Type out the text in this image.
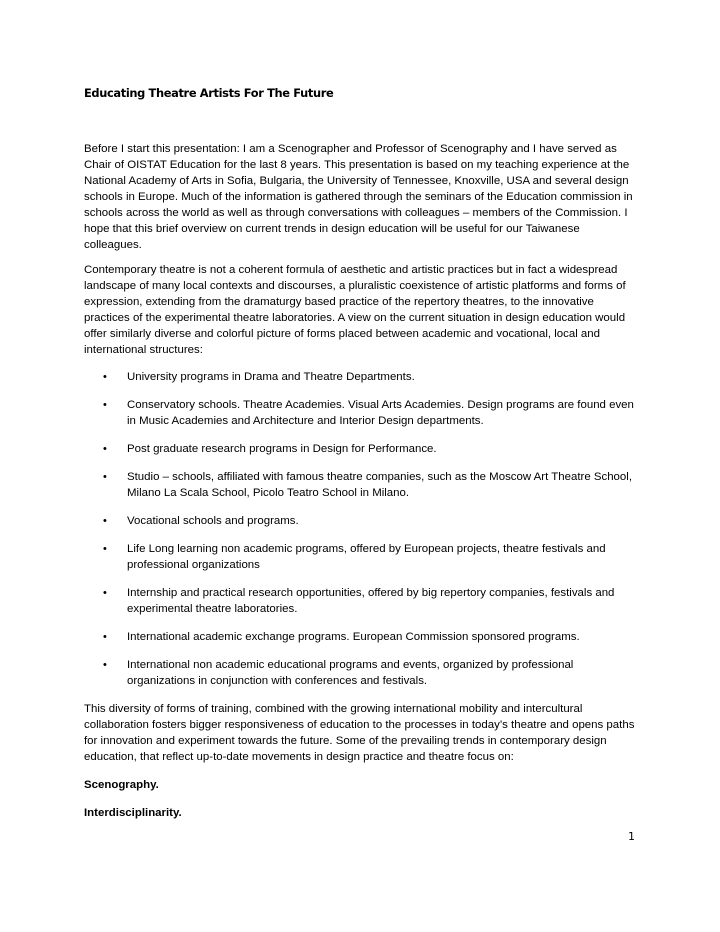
Educating Theatre Artists For The Future

Before I start this presentation: I am a Scenographer and Professor of Scenography and I have served as Chair of OISTAT Education for the last 8 years. This presentation is based on my teaching experience at the National Academy of Arts in Sofia, Bulgaria, the University of Tennessee, Knoxville, USA and several design schools in Europe. Much of the information is gathered through the seminars of the Education commission in schools across the world as well as through conversations with colleagues – members of the Commission. I hope that this brief overview on current trends in design education will be useful for our Taiwanese colleagues.

Contemporary theatre is not a coherent formula of aesthetic and artistic practices but in fact a widespread landscape of many local contexts and discourses, a pluralistic coexistence of artistic platforms and forms of expression, extending from the dramaturgy based practice of the repertory theatres, to the innovative practices of the experimental theatre laboratories. A view on the current situation in design education would offer similarly diverse and colorful picture of forms placed between academic and vocational, local and international structures:

• University programs in Drama and Theatre Departments.
• Conservatory schools. Theatre Academies. Visual Arts Academies. Design programs are found even in Music Academies and Architecture and Interior Design departments.
• Post graduate research programs in Design for Performance.
• Studio – schools, affiliated with famous theatre companies, such as the Moscow Art Theatre School, Milano La Scala School, Picolo Teatro School in Milano.
• Vocational schools and programs.
• Life Long learning non academic programs, offered by European projects, theatre festivals and professional organizations
• Internship and practical research opportunities, offered by big repertory companies, festivals and experimental theatre laboratories.
• International academic exchange programs. European Commission sponsored programs.
• International non academic educational programs and events, organized by professional organizations in conjunction with conferences and festivals.

This diversity of forms of training, combined with the growing international mobility and intercultural collaboration fosters bigger responsiveness of education to the processes in today’s theatre and opens paths for innovation and experiment towards the future. Some of the prevailing trends in contemporary design education, that reflect up-to-date movements in design practice and theatre focus on:

Scenography.

Interdisciplinarity.

1
